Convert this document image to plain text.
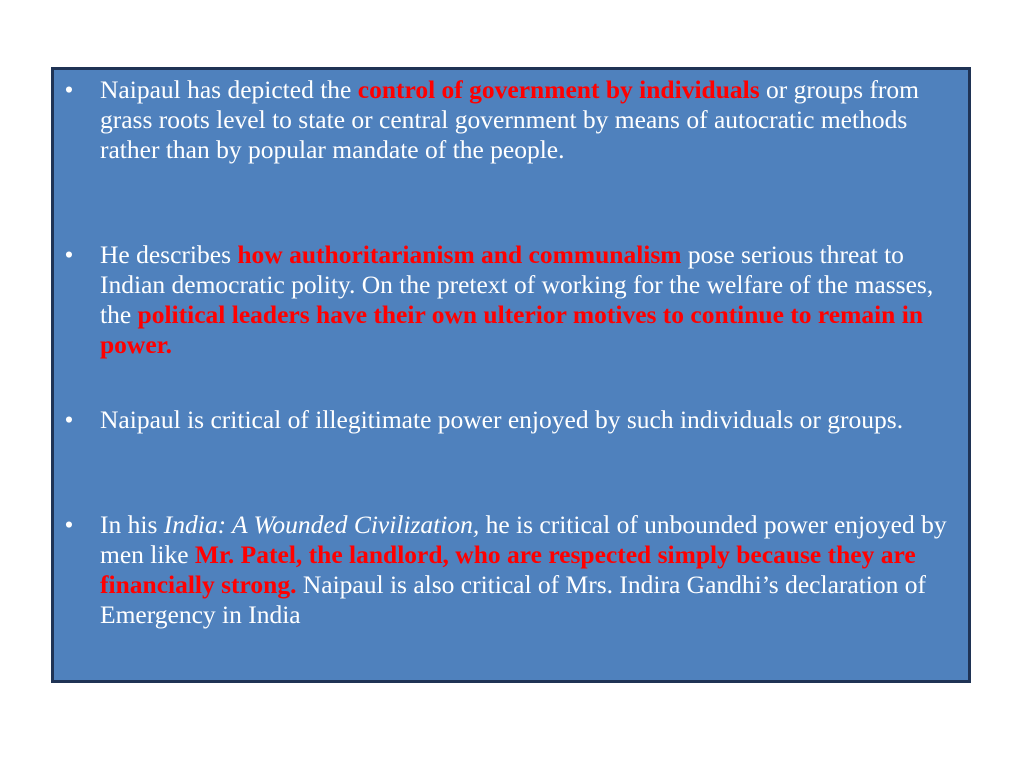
• Naipaul has depicted the control of government by individuals or groups from grass roots level to state or central government by means of autocratic methods rather than by popular mandate of the people.
• He describes how authoritarianism and communalism pose serious threat to Indian democratic polity. On the pretext of working for the welfare of the masses, the political leaders have their own ulterior motives to continue to remain in power.
• Naipaul is critical of illegitimate power enjoyed by such individuals or groups.
• In his India: A Wounded Civilization, he is critical of unbounded power enjoyed by men like Mr. Patel, the landlord, who are respected simply because they are financially strong. Naipaul is also critical of Mrs. Indira Gandhi’s declaration of Emergency in India
